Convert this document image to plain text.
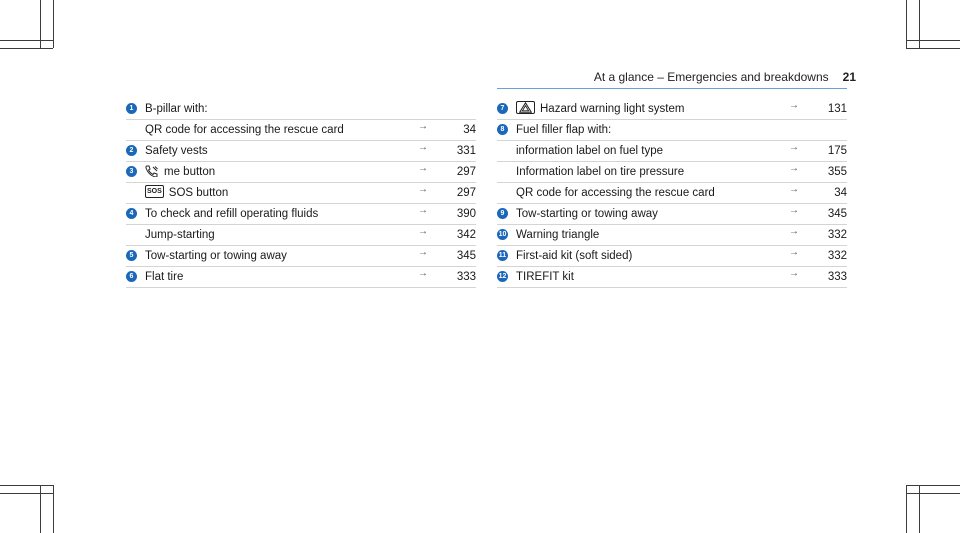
At a glance – Emergencies and breakdowns 21
1	B-pillar with:
QR code for accessing the rescue card	→	34
2	Safety vests	→	331
3	me button	→	297
SOS SOS button	→	297
4	To check and refill operating fluids	→	390
Jump-starting	→	342
5	Tow-starting or towing away	→	345
6	Flat tire	→	333
7	Hazard warning light system	→	131
8	Fuel filler flap with:
information label on fuel type	→	175
Information label on tire pressure	→	355
QR code for accessing the rescue card	→	34
9	Tow-starting or towing away	→	345
10 Warning triangle	→	332
11 First-aid kit (soft sided)	→	332
12 TIREFIT kit	→	333
